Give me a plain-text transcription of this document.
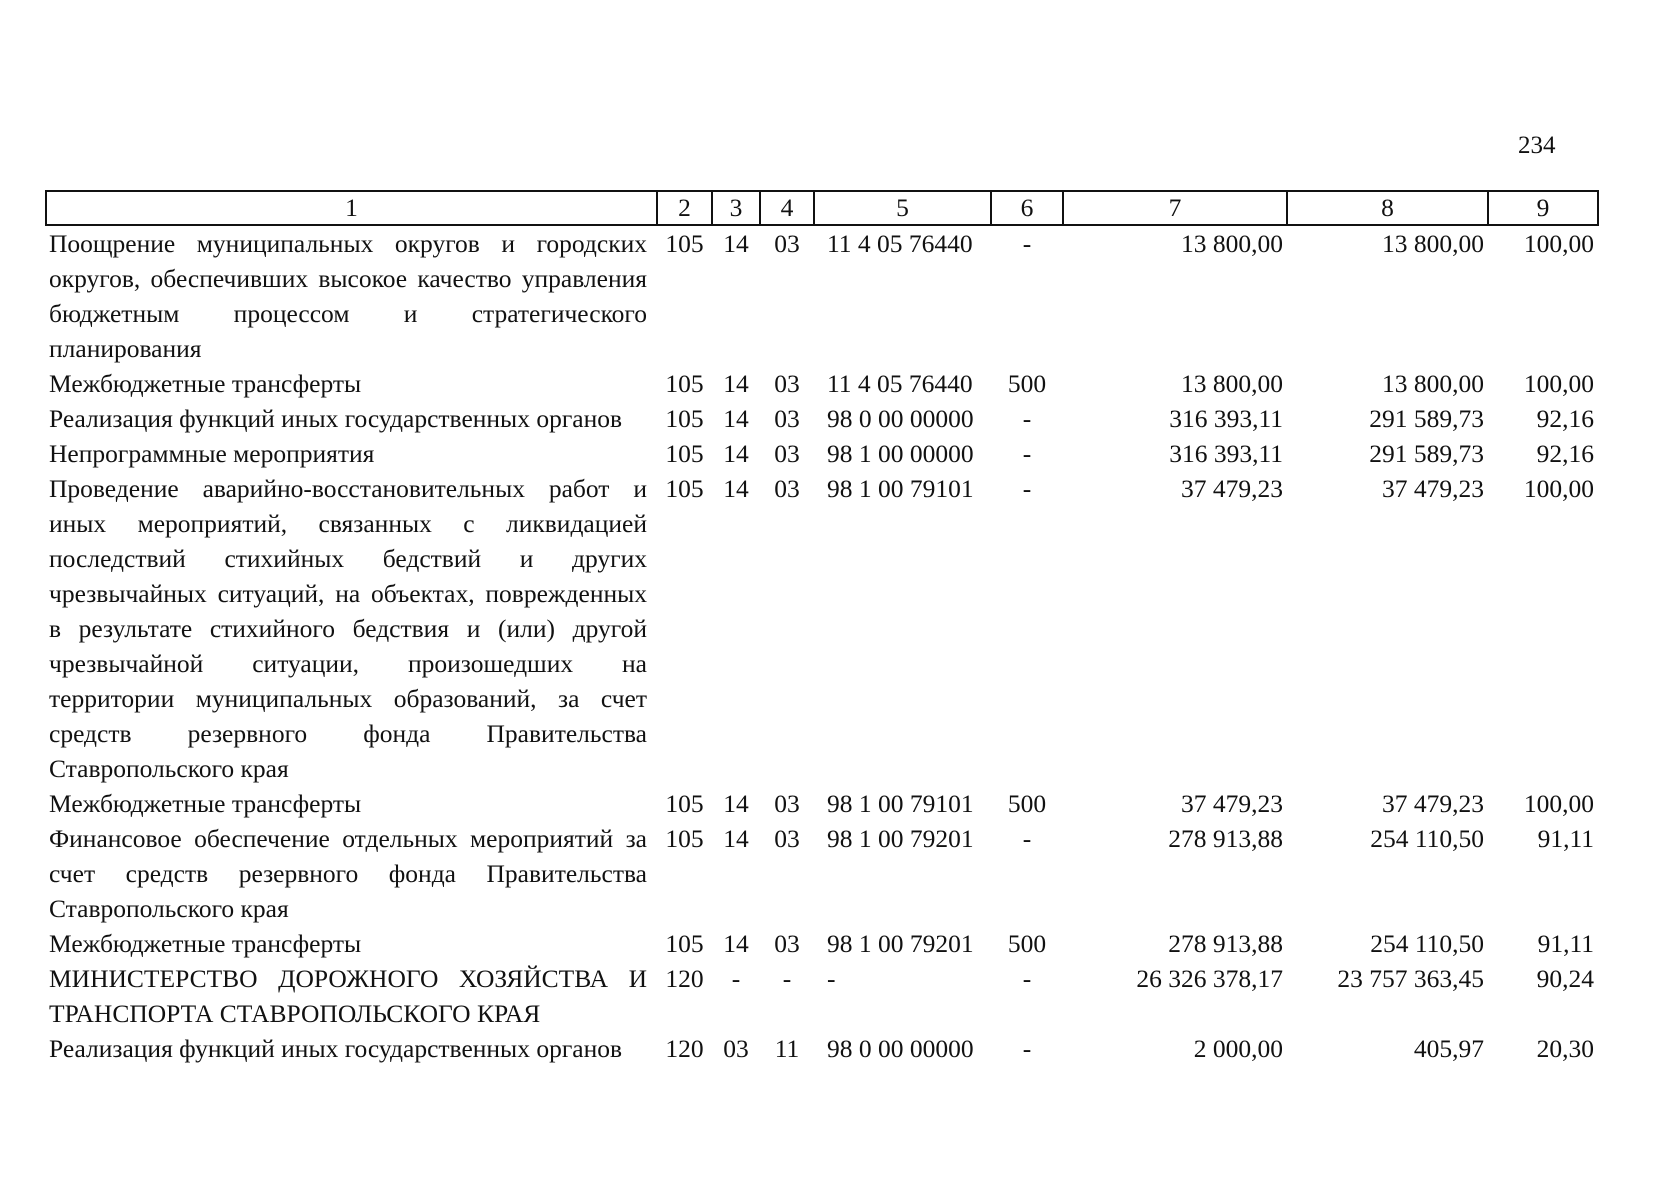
234
1	2	3	4	5	6	7	8	9
Поощрение муниципальных округов и городских округов, обеспечивших высокое качество управления бюджетным процессом и стратегического планирования	105	14	03	11 4 05 76440	-	13 800,00	13 800,00	100,00
Межбюджетные трансферты	105	14	03	11 4 05 76440	500	13 800,00	13 800,00	100,00
Реализация функций иных государственных органов	105	14	03	98 0 00 00000	-	316 393,11	291 589,73	92,16
Непрограммные мероприятия	105	14	03	98 1 00 00000	-	316 393,11	291 589,73	92,16
Проведение аварийно-восстановительных работ и иных мероприятий, связанных с ликвидацией последствий стихийных бедствий и других чрезвычайных ситуаций, на объектах, поврежденных в результате стихийного бедствия и (или) другой чрезвычайной ситуации, произошедших на территории муниципальных образований, за счет средств резервного фонда Правительства Ставропольского края	105	14	03	98 1 00 79101	-	37 479,23	37 479,23	100,00
Межбюджетные трансферты	105	14	03	98 1 00 79101	500	37 479,23	37 479,23	100,00
Финансовое обеспечение отдельных мероприятий за счет средств резервного фонда Правительства Ставропольского края	105	14	03	98 1 00 79201	-	278 913,88	254 110,50	91,11
Межбюджетные трансферты	105	14	03	98 1 00 79201	500	278 913,88	254 110,50	91,11
МИНИСТЕРСТВО ДОРОЖНОГО ХОЗЯЙСТВА И ТРАНСПОРТА СТАВРОПОЛЬСКОГО КРАЯ	120	-	-	-	-	26 326 378,17	23 757 363,45	90,24
Реализация функций иных государственных органов	120	03	11	98 0 00 00000	-	2 000,00	405,97	20,30
